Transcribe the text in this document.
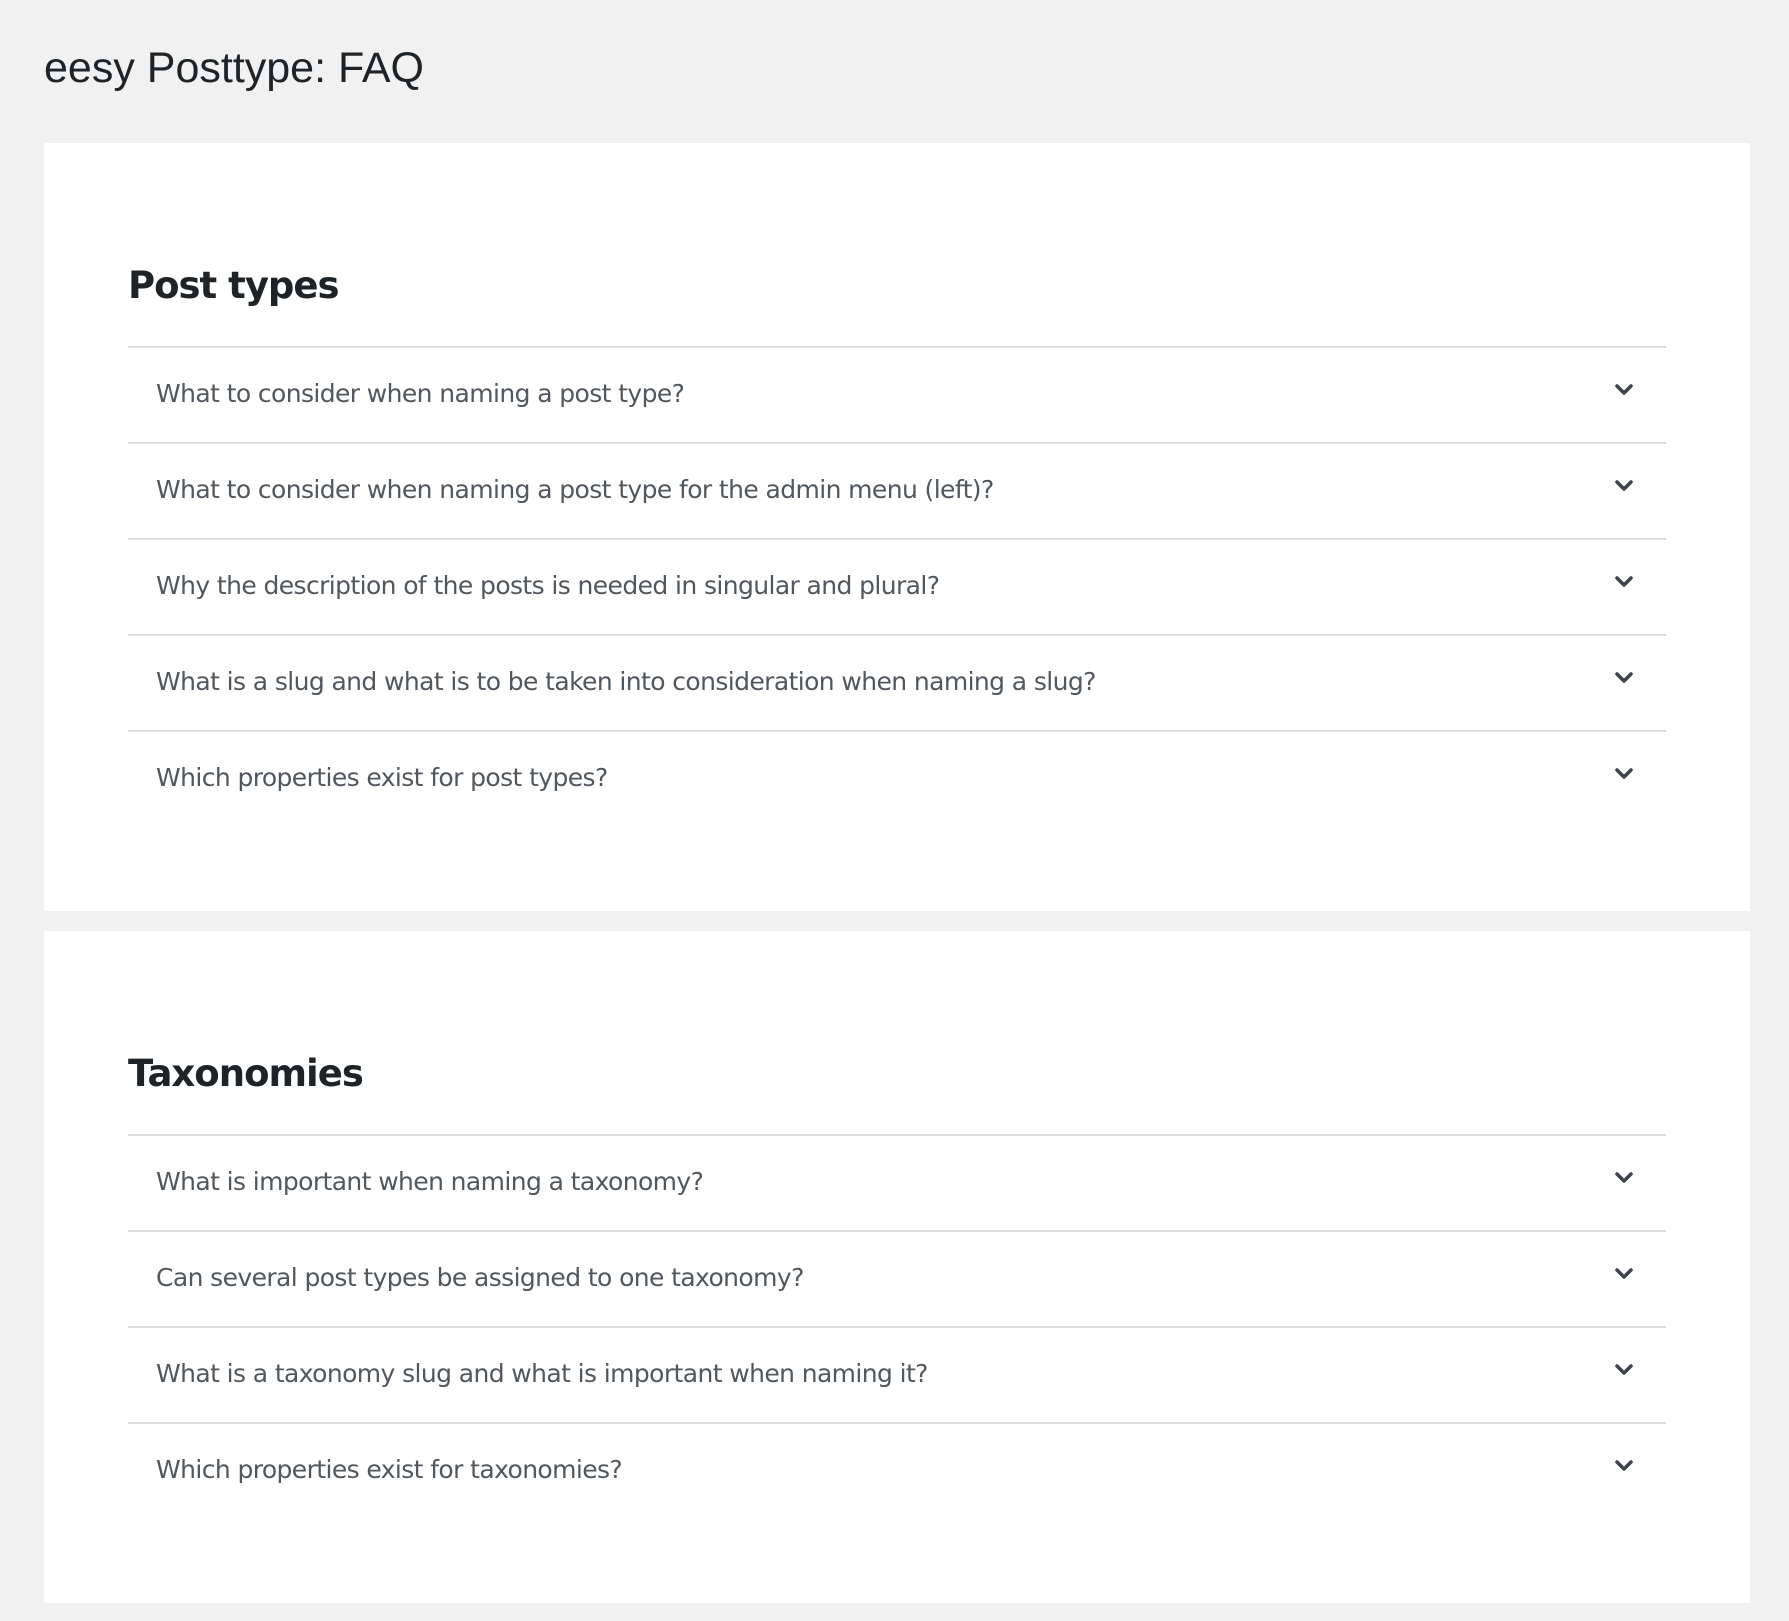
eesy Posttype: FAQ
Post types
What to consider when naming a post type?
What to consider when naming a post type for the admin menu (left)?
Why the description of the posts is needed in singular and plural?
What is a slug and what is to be taken into consideration when naming a slug?
Which properties exist for post types?
Taxonomies
What is important when naming a taxonomy?
Can several post types be assigned to one taxonomy?
What is a taxonomy slug and what is important when naming it?
Which properties exist for taxonomies?
